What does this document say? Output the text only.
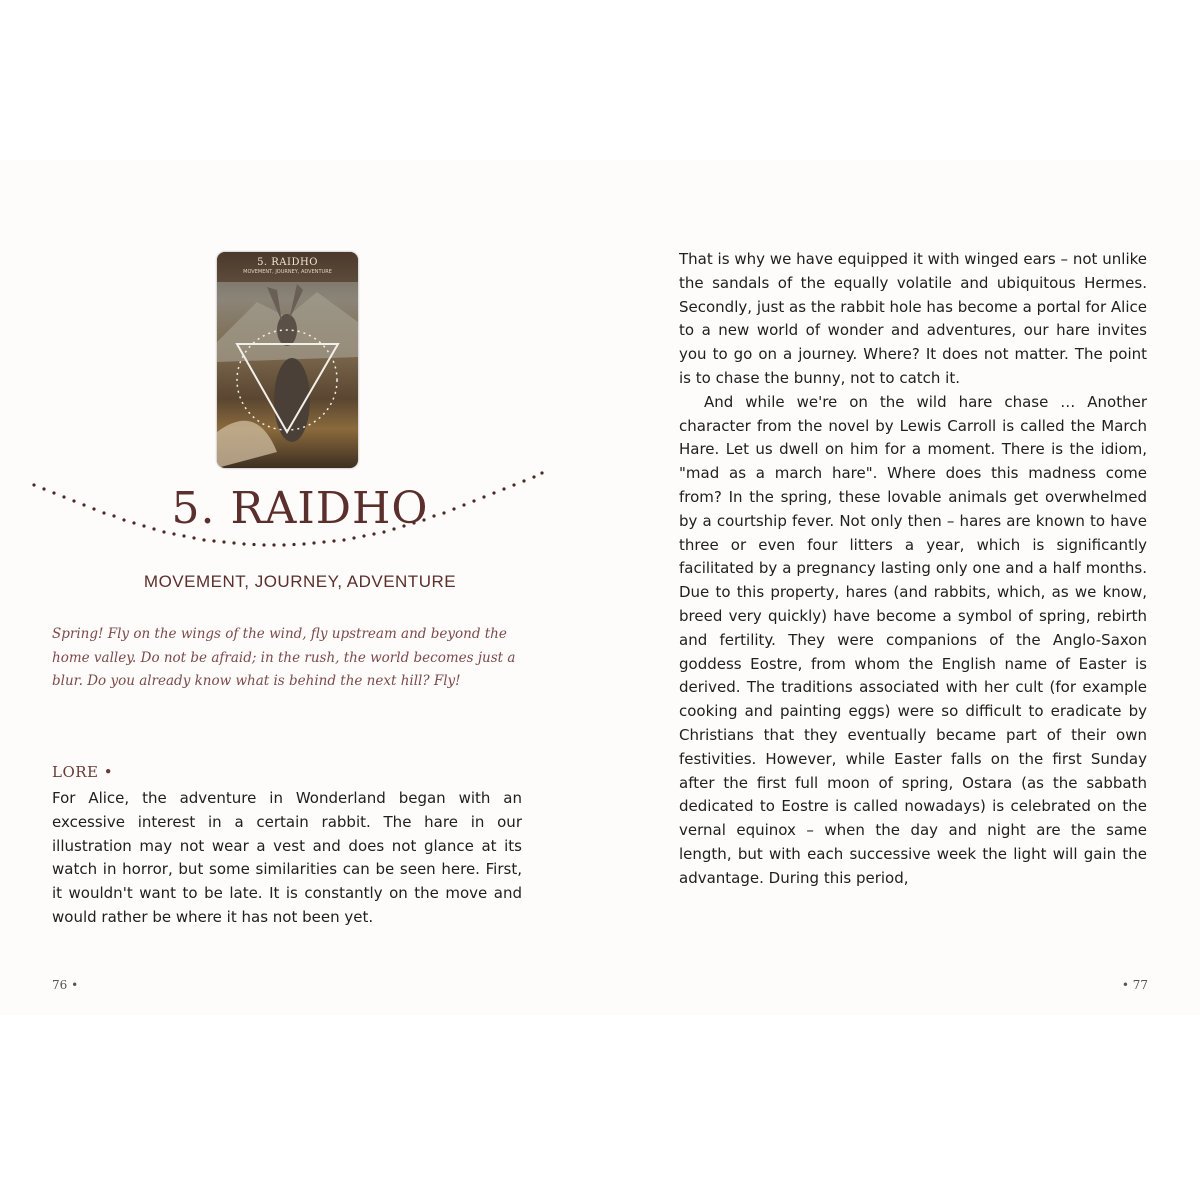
5. RAIDHO
MOVEMENT, JOURNEY, ADVENTURE
5. RAIDHO
MOVEMENT, JOURNEY, ADVENTURE
Spring! Fly on the wings of the wind, fly upstream and beyond the home valley. Do not be afraid; in the rush, the world becomes just a blur. Do you already know what is behind the next hill? Fly!
LORE •
For Alice, the adventure in Wonderland began with an excessive interest in a certain rabbit. The hare in our illustration may not wear a vest and does not glance at its watch in horror, but some similarities can be seen here. First, it wouldn't want to be late. It is constantly on the move and would rather be where it has not been yet.
76 •

That is why we have equipped it with winged ears – not unlike the sandals of the equally volatile and ubiquitous Hermes. Secondly, just as the rabbit hole has become a portal for Alice to a new world of wonder and adventures, our hare invites you to go on a journey. Where? It does not matter. The point is to chase the bunny, not to catch it.

And while we're on the wild hare chase … Another character from the novel by Lewis Carroll is called the March Hare. Let us dwell on him for a moment. There is the idiom, "mad as a march hare". Where does this madness come from? In the spring, these lovable animals get overwhelmed by a courtship fever. Not only then – hares are known to have three or even four litters a year, which is significantly facilitated by a pregnancy lasting only one and a half months. Due to this property, hares (and rabbits, which, as we know, breed very quickly) have become a symbol of spring, rebirth and fertility. They were companions of the Anglo-Saxon goddess Eostre, from whom the English name of Easter is derived. The traditions associated with her cult (for example cooking and painting eggs) were so difficult to eradicate by Christians that they eventually became part of their own festivities. However, while Easter falls on the first Sunday after the first full moon of spring, Ostara (as the sabbath dedicated to Eostre is called nowadays) is celebrated on the vernal equinox – when the day and night are the same length, but with each successive week the light will gain the advantage. During this period,

• 77
